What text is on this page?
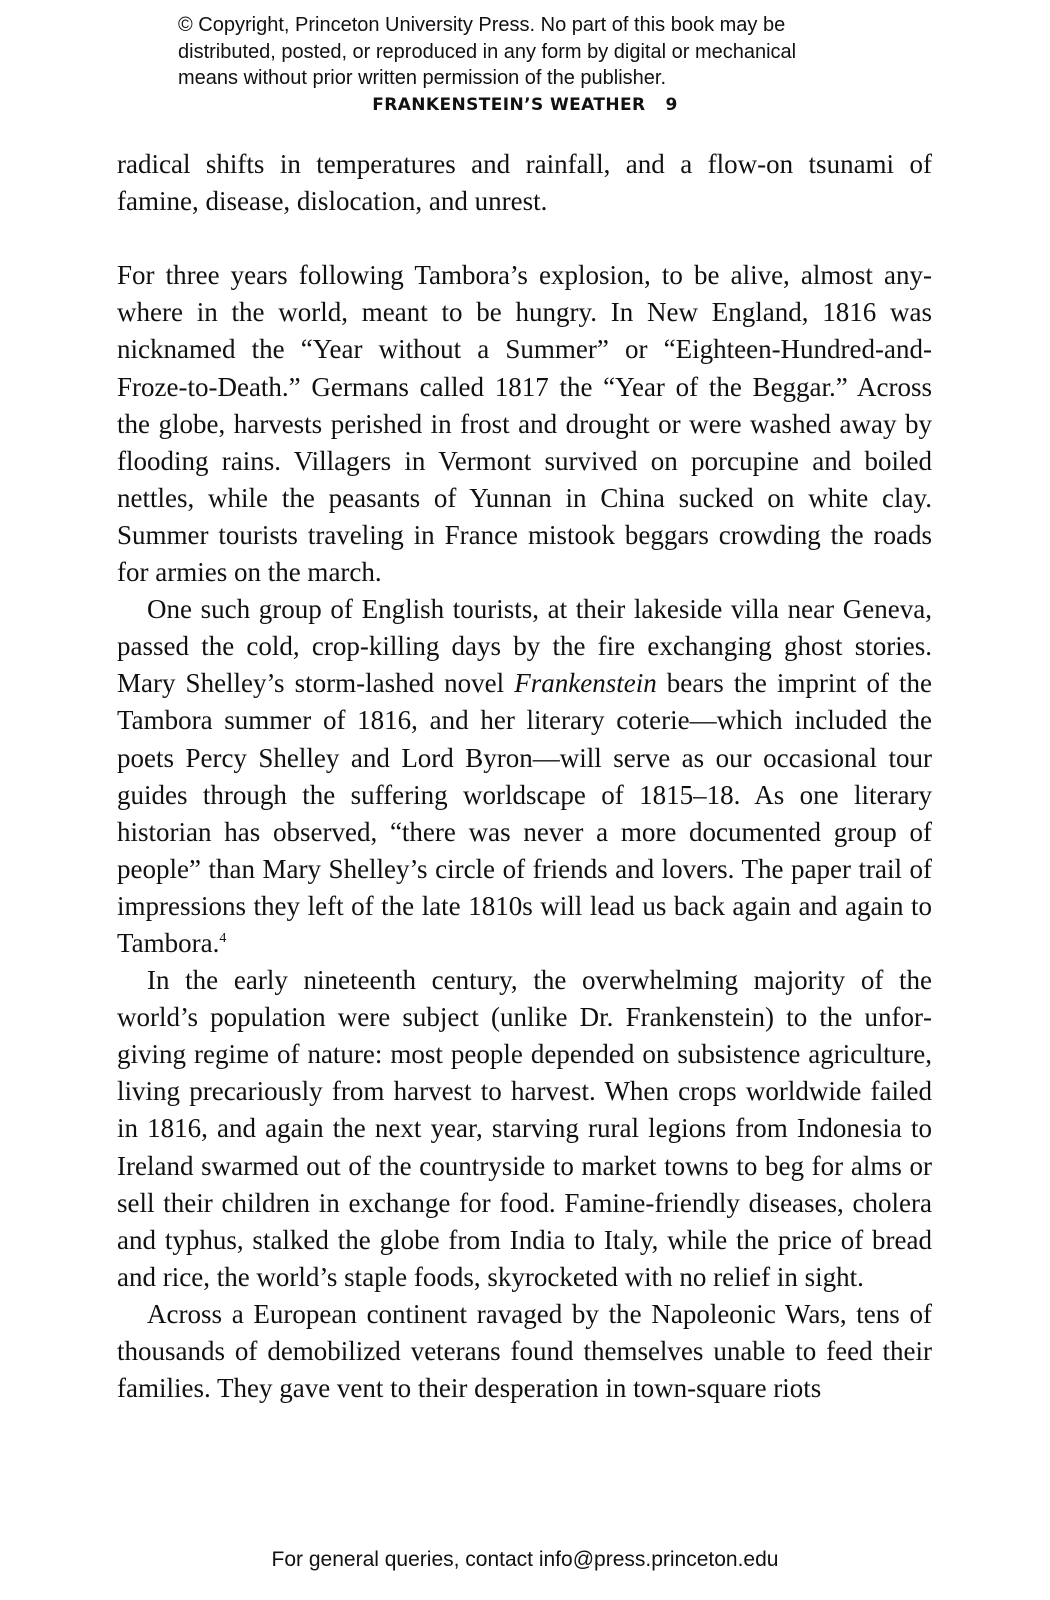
© Copyright, Princeton University Press. No part of this book may be
distributed, posted, or reproduced in any form by digital or mechanical
means without prior written permission of the publisher.
FRANKENSTEIN’S WEATHER 9

radical shifts in temperatures and rainfall, and a flow-on tsunami of famine, disease, dislocation, and unrest.

For three years following Tambora’s explosion, to be alive, almost anywhere in the world, meant to be hungry. In New England, 1816 was nicknamed the “Year without a Summer” or “Eighteen-Hundred-and-Froze-to-Death.” Germans called 1817 the “Year of the Beggar.” Across the globe, harvests perished in frost and drought or were washed away by flooding rains. Villagers in Vermont survived on porcupine and boiled nettles, while the peasants of Yunnan in China sucked on white clay. Summer tourists traveling in France mistook beggars crowding the roads for armies on the march.

One such group of English tourists, at their lakeside villa near Geneva, passed the cold, crop-killing days by the fire exchanging ghost stories. Mary Shelley’s storm-lashed novel Frankenstein bears the imprint of the Tambora summer of 1816, and her literary coterie—which included the poets Percy Shelley and Lord Byron—will serve as our occasional tour guides through the suffering worldscape of 1815–18. As one literary historian has observed, “there was never a more documented group of people” than Mary Shelley’s circle of friends and lovers. The paper trail of impressions they left of the late 1810s will lead us back again and again to Tambora.$^4$

In the early nineteenth century, the overwhelming majority of the world’s population were subject (unlike Dr. Frankenstein) to the unforgiving regime of nature: most people depended on subsistence agriculture, living precariously from harvest to harvest. When crops worldwide failed in 1816, and again the next year, starving rural legions from Indonesia to Ireland swarmed out of the countryside to market towns to beg for alms or sell their children in exchange for food. Famine-friendly diseases, cholera and typhus, stalked the globe from India to Italy, while the price of bread and rice, the world’s staple foods, skyrocketed with no relief in sight.

Across a European continent ravaged by the Napoleonic Wars, tens of thousands of demobilized veterans found themselves unable to feed their families. They gave vent to their desperation in town-square riots

For general queries, contact info@press.princeton.edu
